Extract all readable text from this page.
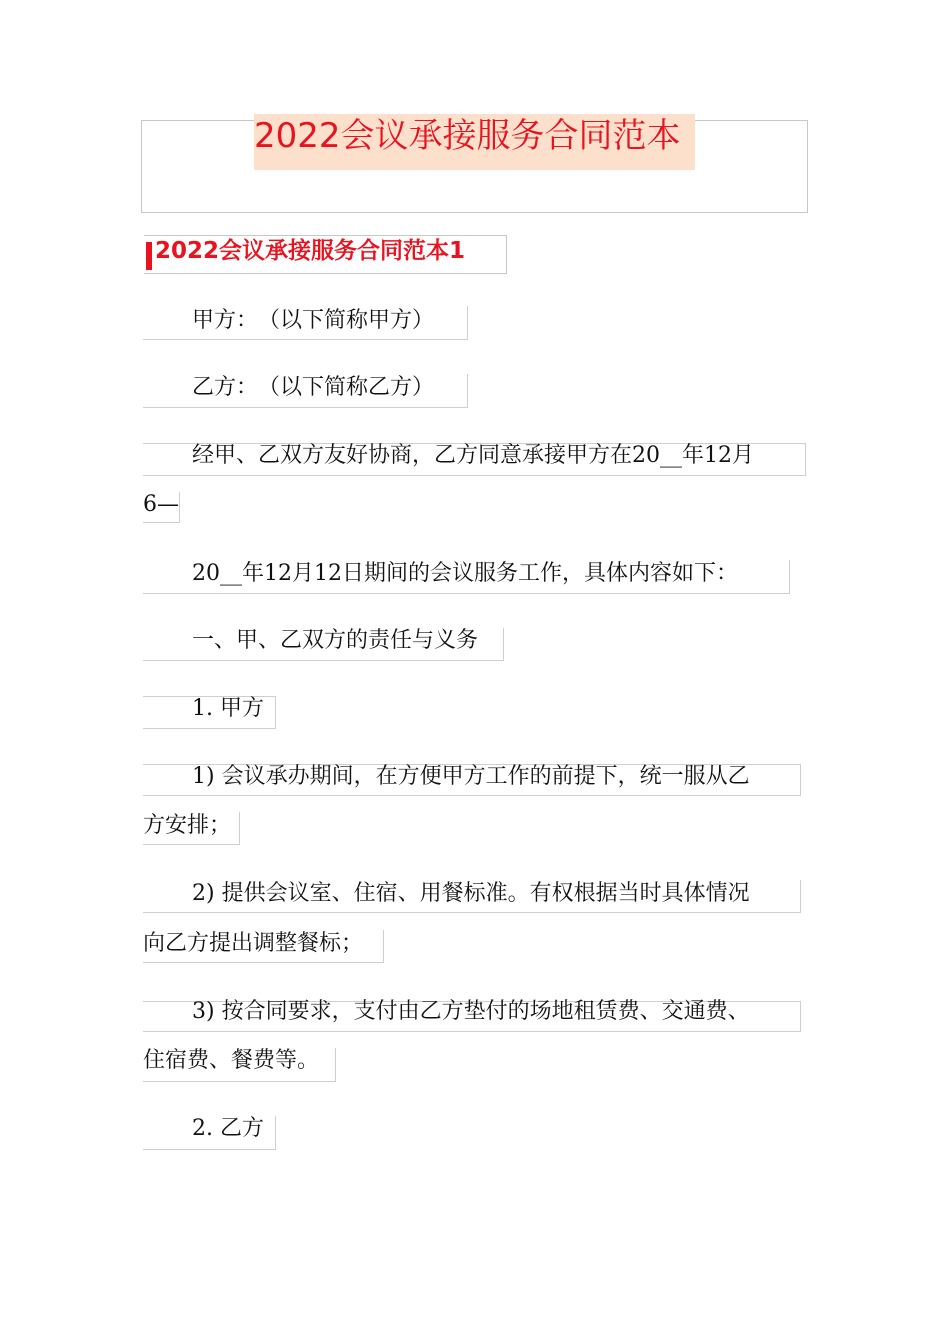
2022会议承接服务合同范本
2022会议承接服务合同范本1
甲方：　（以下简称甲方）
乙方：　（以下简称乙方）
经甲、乙双方友好协商，乙方同意承接甲方在20__年12月
6—
20__年12月12日期间的会议服务工作，具体内容如下：
一、甲、乙双方的责任与义务
1. 甲方
1) 会议承办期间，在方便甲方工作的前提下，统一服从乙
方安排；
2) 提供会议室、住宿、用餐标准。有权根据当时具体情况
向乙方提出调整餐标；
3) 按合同要求，支付由乙方垫付的场地租赁费、交通费、
住宿费、餐费等。
2. 乙方
